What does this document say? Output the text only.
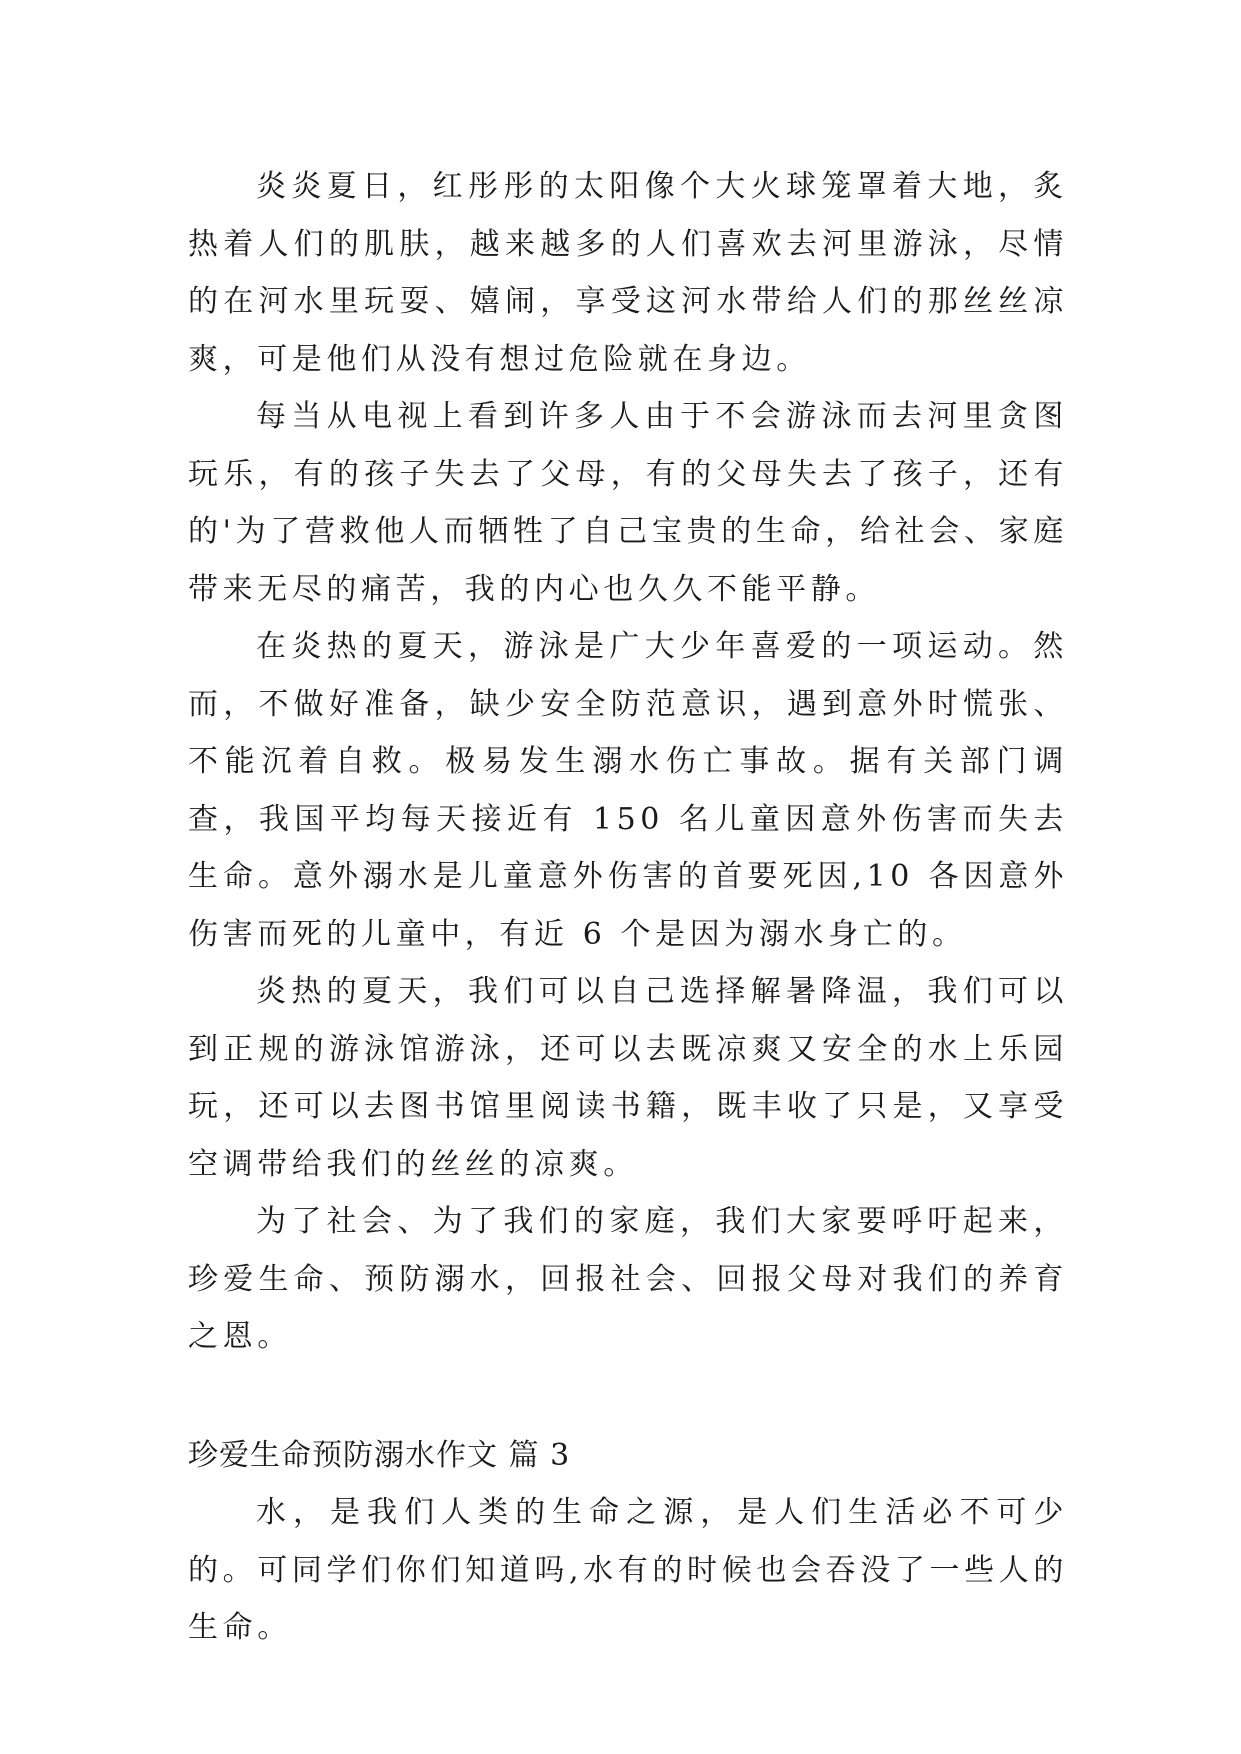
炎炎夏日，红彤彤的太阳像个大火球笼罩着大地，炙热着人们的肌肤，越来越多的人们喜欢去河里游泳，尽情的在河水里玩耍、嬉闹，享受这河水带给人们的那丝丝凉爽，可是他们从没有想过危险就在身边。

每当从电视上看到许多人由于不会游泳而去河里贪图玩乐，有的孩子失去了父母，有的父母失去了孩子，还有的'为了营救他人而牺牲了自己宝贵的生命，给社会、家庭带来无尽的痛苦，我的内心也久久不能平静。

在炎热的夏天，游泳是广大少年喜爱的一项运动。然而，不做好准备，缺少安全防范意识，遇到意外时慌张、不能沉着自救。极易发生溺水伤亡事故。据有关部门调查，我国平均每天接近有 150 名儿童因意外伤害而失去生命。意外溺水是儿童意外伤害的首要死因,10 各因意外伤害而死的儿童中，有近 6 个是因为溺水身亡的。

炎热的夏天，我们可以自己选择解暑降温，我们可以到正规的游泳馆游泳，还可以去既凉爽又安全的水上乐园玩，还可以去图书馆里阅读书籍，既丰收了只是，又享受空调带给我们的丝丝的凉爽。

为了社会、为了我们的家庭，我们大家要呼吁起来，珍爱生命、预防溺水，回报社会、回报父母对我们的养育之恩。

珍爱生命预防溺水作文 篇 3

水，是我们人类的生命之源，是人们生活必不可少的。可同学们你们知道吗,水有的时候也会吞没了一些人的生命。
